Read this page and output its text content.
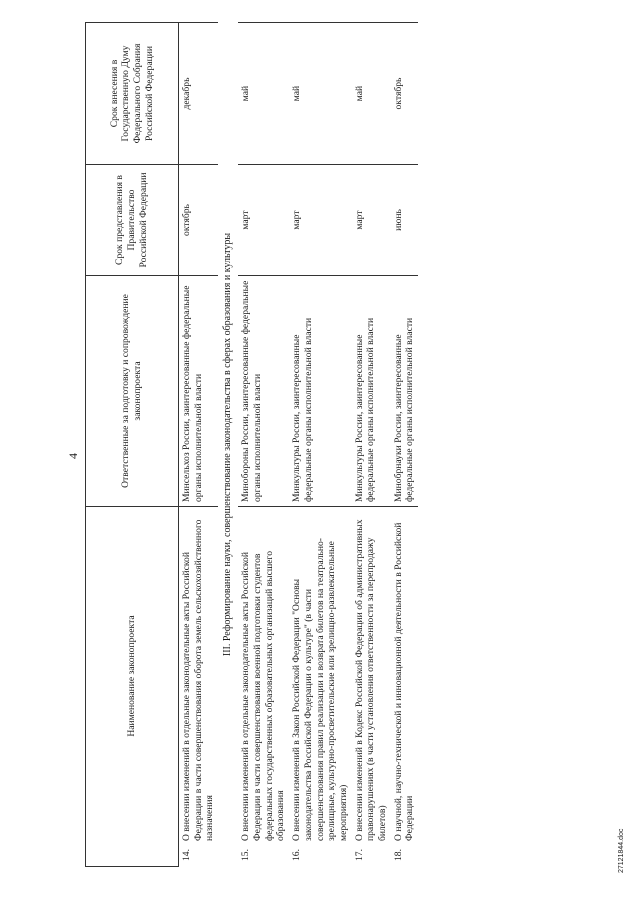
4
	Наименование законопроекта	Ответственные за подготовку и сопровождение законопроекта	Срок представления в Правительство Российской Федерации	Срок внесения в Государственную Думу Федерального Собрания Российской Федерации
14.	О внесении изменений в отдельные законодательные акты Российской Федерации в части совершенствования оборота земель сельскохозяйственного назначения	Минсельхоз России, заинтересованные федеральные органы исполнительной власти	октябрь	декабрь
III. Реформирование науки, совершенствование законодательства в сферах образования и культуры				
15.	О внесении изменений в отдельные законодательные акты Российской Федерации в части совершенствования военной подготовки студентов федеральных государственных образовательных организаций высшего образования	Минобороны России, заинтересованные федеральные органы исполнительной власти	март	май
16.	О внесении изменений в Закон Российской Федерации "Основы законодательства Российской Федерации о культуре" (в части совершенствования правил реализации и возврата билетов на театрально-зрелищные, культурно-просветительские или зрелищно-развлекательные мероприятия)	Минкультуры России, заинтересованные федеральные органы исполнительной власти	март	май
17.	О внесении изменений в Кодекс Российской Федерации об административных правонарушениях (в части установления ответственности за перепродажу билетов)	Минкультуры России, заинтересованные федеральные органы исполнительной власти	март	май
18.	О научной, научно-технической и инновационной деятельности в Российской Федерации	Минобрнауки России, заинтересованные федеральные органы исполнительной власти	июнь	октябрь
27121844.doc
